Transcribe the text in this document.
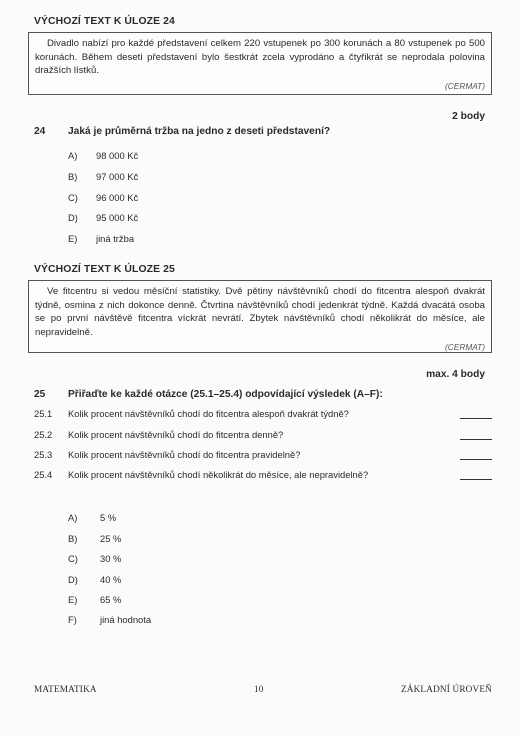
VÝCHOZÍ TEXT K ÚLOZE 24

Divadlo nabízí pro každé představení celkem 220 vstupenek po 300 korunách a 80 vstupenek po 500 korunách. Během deseti představení bylo šestkrát zcela vyprodáno a čtyřikrát se neprodala polovina dražších lístků.

(CERMAT)
2 body
24 Jaká je průměrná tržba na jedno z deseti představení?
A)	98 000 Kč
B)	97 000 Kč
C)	96 000 Kč
D)	95 000 Kč
E)	jiná tržba
VÝCHOZÍ TEXT K ÚLOZE 25

Ve fitcentru si vedou měsíční statistiky. Dvě pětiny návštěvníků chodí do fitcentra alespoň dvakrát týdně, osmina z nich dokonce denně. Čtvrtina návštěvníků chodí jedenkrát týdně. Každá dvacátá osoba se po první návštěvě fitcentra víckrát nevrátí. Zbytek návštěvníků chodí několikrát do měsíce, ale nepravidelně.

(CERMAT)
max. 4 body
25 Přiřaďte ke každé otázce (25.1–25.4) odpovídající výsledek (A–F):
25.1 Kolik procent návštěvníků chodí do fitcentra alespoň dvakrát týdně?
25.2 Kolik procent návštěvníků chodí do fitcentra denně?
25.3 Kolik procent návštěvníků chodí do fitcentra pravidelně?
25.4 Kolik procent návštěvníků chodí několikrát do měsíce, ale nepravidelně?
A) 5 %
B) 25 %
C) 30 %
D) 40 %
E) 65 %
F) jiná hodnota
MATEMATIKA	10	ZÁKLADNÍ ÚROVEŇ
